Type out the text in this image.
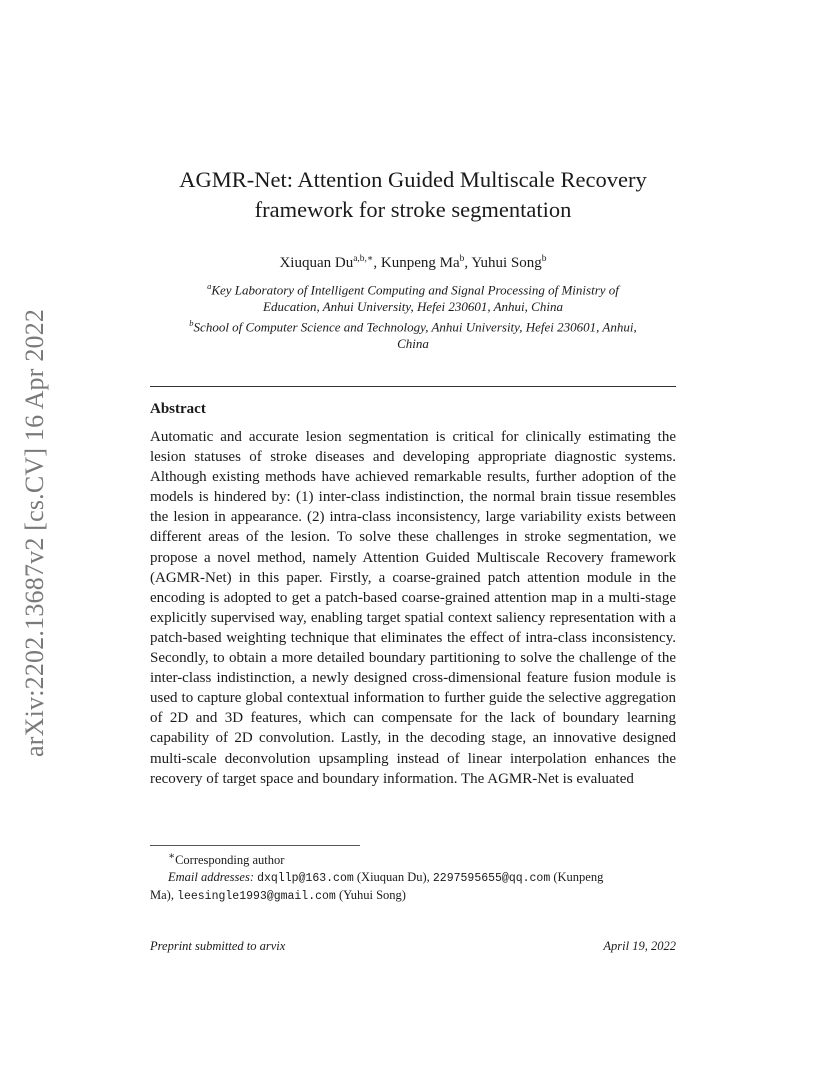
arXiv:2202.13687v2 [cs.CV] 16 Apr 2022
AGMR-Net: Attention Guided Multiscale Recovery
framework for stroke segmentation
Xiuquan $Du^{a,b,∗}$, Kunpeng Ma$^b$, Yuhui Song$^b$
$^a$Key Laboratory of Intelligent Computing and Signal Processing of Ministry of
Education, Anhui University, Hefei 230601, Anhui, China
$^b$School of Computer Science and Technology, Anhui University, Hefei 230601, Anhui,
China
Abstract

Automatic and accurate lesion segmentation is critical for clinically estimating the lesion statuses of stroke diseases and developing appropriate diagnostic systems. Although existing methods have achieved remarkable results, further adoption of the models is hindered by: (1) inter-class indistinction, the normal brain tissue resembles the lesion in appearance. (2) intra-class inconsistency, large variability exists between different areas of the lesion. To solve these challenges in stroke segmentation, we propose a novel method, namely Attention Guided Multiscale Recovery framework (AGMR-Net) in this paper. Firstly, a coarse-grained patch attention module in the encoding is adopted to get a patch-based coarse-grained attention map in a multi-stage explicitly supervised way, enabling target spatial context saliency representation with a patch-based weighting technique that eliminates the effect of intra-class inconsistency. Secondly, to obtain a more detailed boundary partitioning to solve the challenge of the inter-class indistinction, a newly designed cross-dimensional feature fusion module is used to capture global contextual information to further guide the selective aggregation of 2D and 3D features, which can compensate for the lack of boundary learning capability of 2D convolution. Lastly, in the decoding stage, an innovative designed multi-scale deconvolution upsampling instead of linear interpolation enhances the recovery of target space and boundary information. The AGMR-Net is evaluated

∗Corresponding author

Email addresses: dxqllp@163.com (Xiuquan Du), 2297595655@qq.com (Kunpeng

Ma), leesingle1993@gmail.com (Yuhui Song)

Preprint submitted to arvix	April 19, 2022
